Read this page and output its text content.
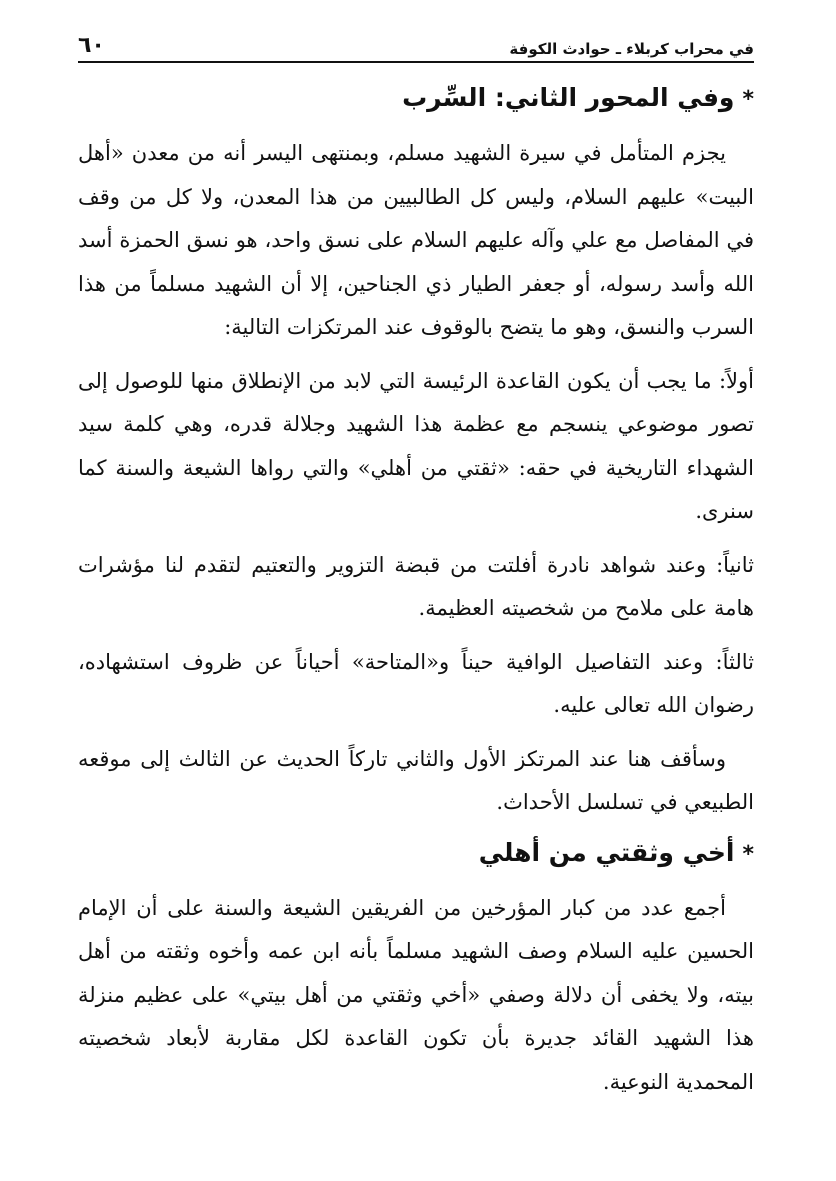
في محراب كربلاء ـ حوادث الكوفة
٦٠
*وفي المحور الثاني: السِّرب

يجزم المتأمل في سيرة الشهيد مسلم، وبمنتهى اليسر أنه من معدن «أهل البيت» عليهم السلام، وليس كل الطالبيين من هذا المعدن، ولا كل من وقف في المفاصل مع علي وآله عليهم السلام على نسق واحد، هو نسق الحمزة أسد الله وأسد رسوله، أو جعفر الطيار ذي الجناحين، إلا أن الشهيد مسلماً من هذا السرب والنسق، وهو ما يتضح بالوقوف عند المرتكزات التالية:

أولاً: ما يجب أن يكون القاعدة الرئيسة التي لابد من الإنطلاق منها للوصول إلى تصور موضوعي ينسجم مع عظمة هذا الشهيد وجلالة قدره، وهي كلمة سيد الشهداء التاريخية في حقه: «ثقتي من أهلي» والتي رواها الشيعة والسنة كما سنرى.

ثانياً: وعند شواهد نادرة أفلتت من قبضة التزوير والتعتيم لتقدم لنا مؤشرات هامة على ملامح من شخصيته العظيمة.

ثالثاً: وعند التفاصيل الوافية حيناً و«المتاحة» أحياناً عن ظروف استشهاده، رضوان الله تعالى عليه.

وسأقف هنا عند المرتكز الأول والثاني تاركاً الحديث عن الثالث إلى موقعه الطبيعي في تسلسل الأحداث.

*أخي وثقتي من أهلي

أجمع عدد من كبار المؤرخين من الفريقين الشيعة والسنة على أن الإمام الحسين عليه السلام وصف الشهيد مسلماً بأنه ابن عمه وأخوه وثقته من أهل بيته، ولا يخفى أن دلالة وصفي «أخي وثقتي من أهل بيتي» على عظيم منزلة هذا الشهيد القائد جديرة بأن تكون القاعدة لكل مقاربة لأبعاد شخصيته المحمدية النوعية.
